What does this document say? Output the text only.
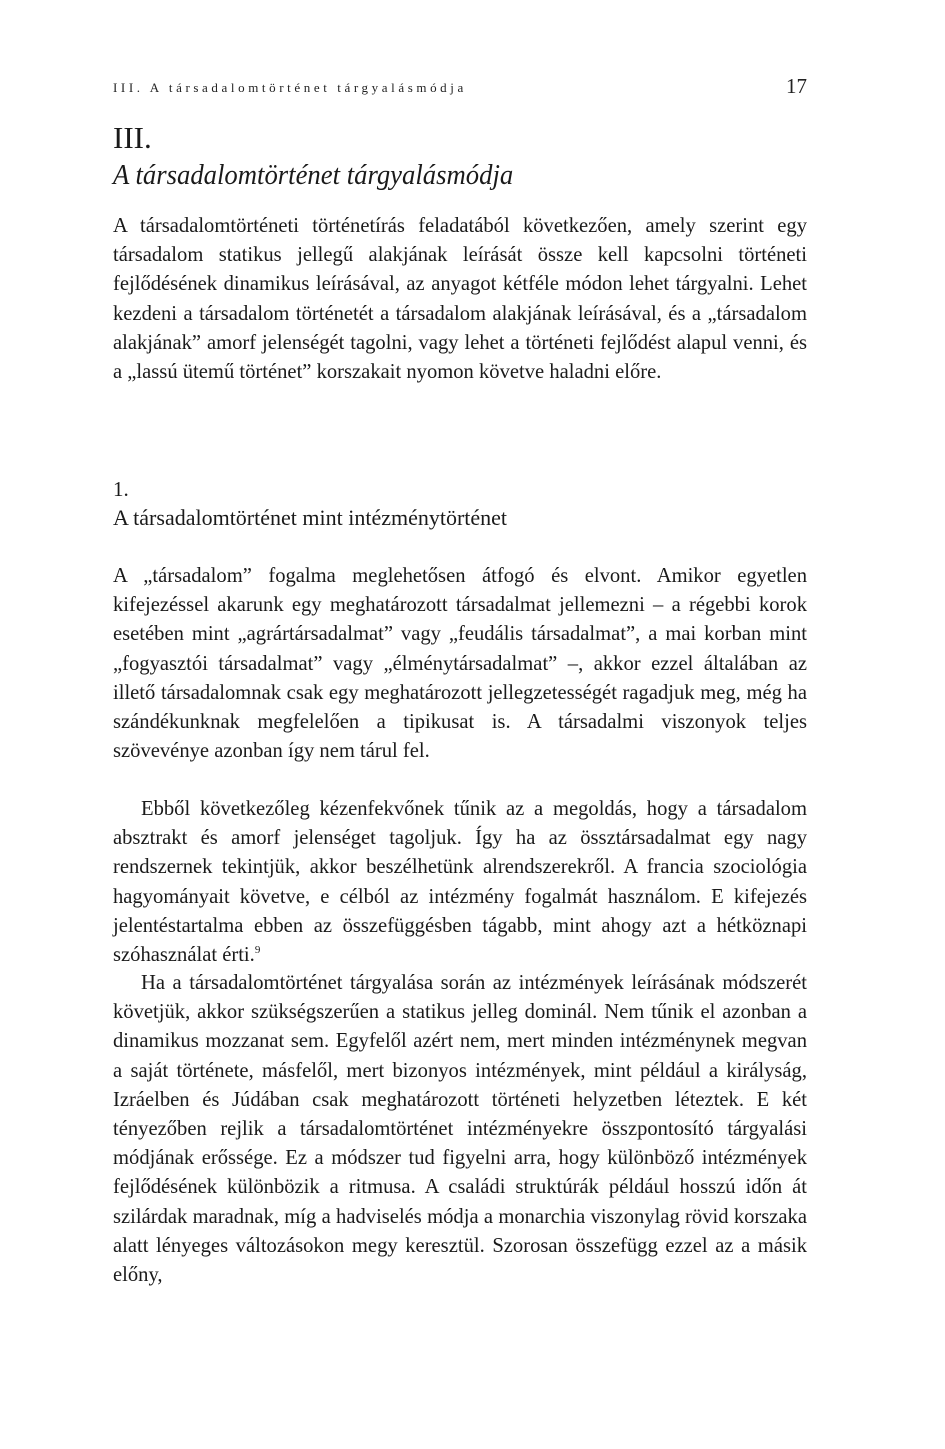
III. A társadalomtörténet tárgyalásmódja	17
III.
A társadalomtörténet tárgyalásmódja

A társadalomtörténeti történetírás feladatából következően, amely szerint egy társadalom statikus jellegű alakjának leírását össze kell kapcsolni történeti fejlődésének dinamikus leírásával, az anyagot kétféle módon lehet tárgyalni. Lehet kezdeni a társadalom történetét a társadalom alakjának leírásával, és a „társadalom alakjának” amorf jelenségét tagolni, vagy lehet a történeti fejlődést alapul venni, és a „lassú ütemű történet” korszakait nyomon követve haladni előre.

1.
A társadalomtörténet mint intézménytörténet

A „társadalom” fogalma meglehetősen átfogó és elvont. Amikor egyetlen kifejezéssel akarunk egy meghatározott társadalmat jellemezni – a régebbi korok esetében mint „agrártársadalmat” vagy „feudális társadalmat”, a mai korban mint „fogyasztói társadalmat” vagy „élménytársadalmat” –, akkor ezzel általában az illető társadalomnak csak egy meghatározott jellegzetességét ragadjuk meg, még ha szándékunknak megfelelően a tipikusat is. A társadalmi viszonyok teljes szövevénye azonban így nem tárul fel.

Ebből következőleg kézenfekvőnek tűnik az a megoldás, hogy a társadalom absztrakt és amorf jelenséget tagoljuk. Így ha az össztársadalmat egy nagy rendszernek tekintjük, akkor beszélhetünk alrendszerekről. A francia szociológia hagyományait követve, e célból az intézmény fogalmát használom. E kifejezés jelentéstartalma ebben az összefüggésben tágabb, mint ahogy azt a hétköznapi szóhasználat érti.$^9$

Ha a társadalomtörténet tárgyalása során az intézmények leírásának módszerét követjük, akkor szükségszerűen a statikus jelleg dominál. Nem tűnik el azonban a dinamikus mozzanat sem. Egyfelől azért nem, mert minden intézménynek megvan a saját története, másfelől, mert bizonyos intézmények, mint például a királyság, Izráelben és Júdában csak meghatározott történeti helyzetben léteztek. E két tényezőben rejlik a társadalomtörténet intézményekre összpontosító tárgyalási módjának erőssége. Ez a módszer tud figyelni arra, hogy különböző intézmények fejlődésének különbözik a ritmusa. A családi struktúrák például hosszú időn át szilárdak maradnak, míg a hadviselés módja a monarchia viszonylag rövid korszaka alatt lényeges változásokon megy keresztül. Szorosan összefügg ezzel az a másik előny,
